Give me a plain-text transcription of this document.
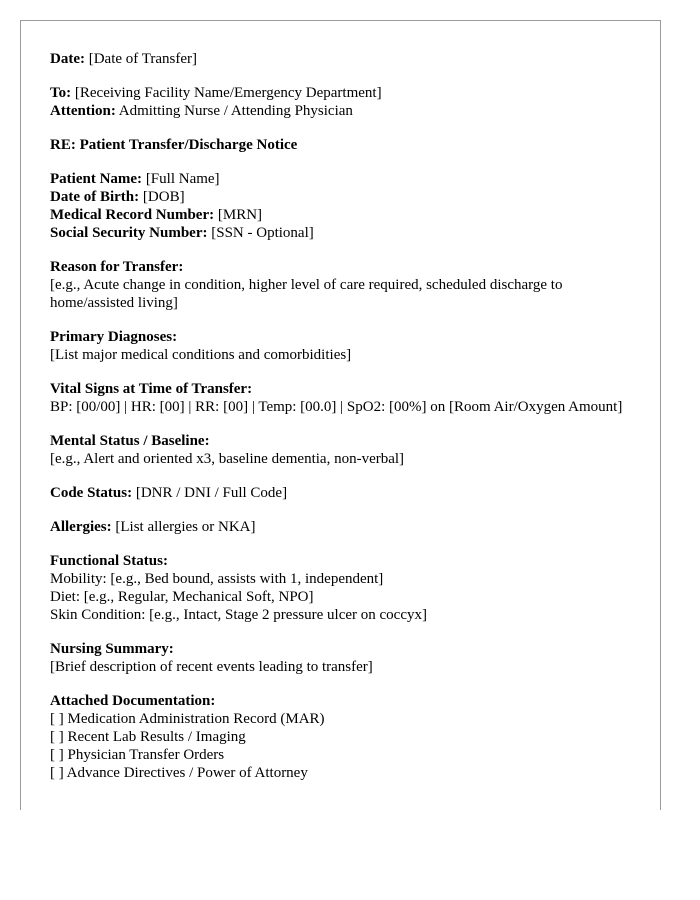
Date: [Date of Transfer]

To: [Receiving Facility Name/Emergency Department]
Attention: Admitting Nurse / Attending Physician

RE: Patient Transfer/Discharge Notice

Patient Name: [Full Name]
Date of Birth: [DOB]
Medical Record Number: [MRN]
Social Security Number: [SSN - Optional]

Reason for Transfer:
[e.g., Acute change in condition, higher level of care required, scheduled discharge to home/assisted living]

Primary Diagnoses:
[List major medical conditions and comorbidities]

Vital Signs at Time of Transfer:
BP: [00/00] | HR: [00] | RR: [00] | Temp: [00.0] | SpO2: [00%] on [Room Air/Oxygen Amount]

Mental Status / Baseline:
[e.g., Alert and oriented x3, baseline dementia, non-verbal]

Code Status: [DNR / DNI / Full Code]

Allergies: [List allergies or NKA]

Functional Status:
Mobility: [e.g., Bed bound, assists with 1, independent]
Diet: [e.g., Regular, Mechanical Soft, NPO]
Skin Condition: [e.g., Intact, Stage 2 pressure ulcer on coccyx]

Nursing Summary:
[Brief description of recent events leading to transfer]

Attached Documentation:
[ ] Medication Administration Record (MAR)
[ ] Recent Lab Results / Imaging
[ ] Physician Transfer Orders
[ ] Advance Directives / Power of Attorney
